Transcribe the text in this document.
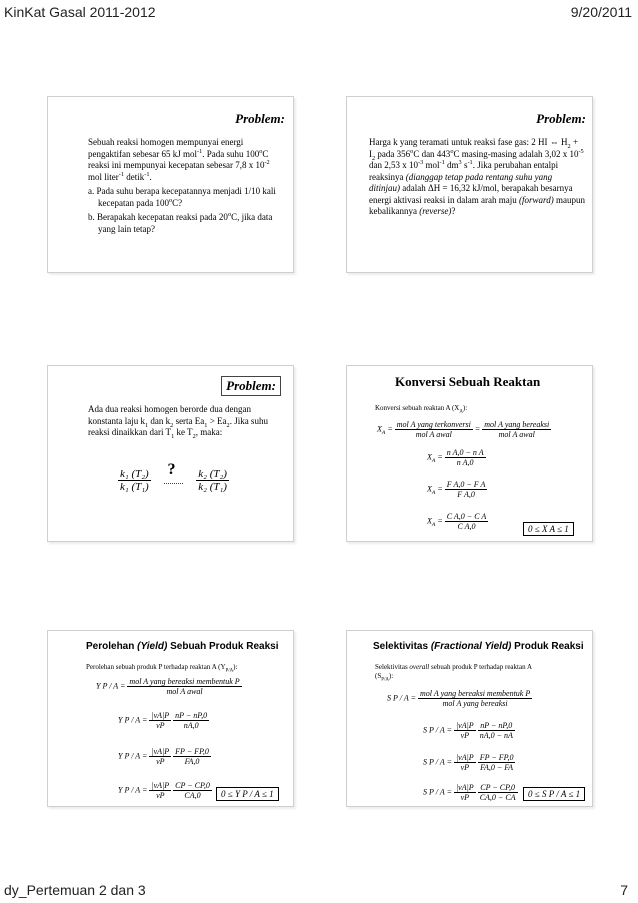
KinKat Gasal 2011-2012	9/20/2011
dy_Pertemuan 2 dan 3	7
Problem:
Sebuah reaksi homogen mempunyai energi pengaktifan sebesar 65 kJ mol$^{-1}$. Pada suhu 100$^o$C reaksi ini mempunyai kecepatan sebesar 7,8 x $10^{-2}$ mol liter$^{-1}$ detik$^{-1}$.
a. Pada suhu berapa kecepatannya menjadi 1/10 kali kecepatan pada 100$^o$C?
b. Berapakah kecepatan reaksi pada 20$^o$C, jika data yang lain tetap?
Problem:
Harga k yang teramati untuk reaksi fase gas: 2 HI ⇔ $H_2 + I_2$ pada 356$^o$C dan 443$^o$C masing-masing adalah 3,02 x $10^{-5}$ dan 2,53 x $10^{-3}$ mol$^{-1}$ $dm^3$ $s^{-1}$. Jika perubahan entalpi reaksinya (dianggap tetap pada rentang suhu yang ditinjau) adalah ΔH = 16,32 kJ/mol, berapakah besarnya energi aktivasi reaksi in dalam arah maju (forward) maupun kebalikannya (reverse)?
Problem:
Ada dua reaksi homogen berorde dua dengan konstanta laju $k_1$ dan $k_2$ serta $Ea_1 > Ea_2$. Jika suhu reaksi dinaikkan dari $T_1$ ke $T_2$, maka:
$\frac{\text{k₁ (T₂)}}{\text{k₁ (T₁)}}$
?
.......... $\frac{\text{k₂ (T₂)}}{\text{k₂ (T₁)}}$
Konversi Sebuah Reaktan
Konversi sebuah reaktan A $(X_A)$:
$X_A = \frac{\text{mol A yang terkonversi}}{\text{mol A awal}} = \frac{\text{mol A yang bereaksi}}{\text{mol A awal}}$
$X_A = \frac{\text{n A,0 − n A}}{\text{n A,0}}$
$X_A = \frac{\text{F A,0 − F A}}{\text{F A,0}}$
$X_A = \frac{\text{C A,0 − C A}}{\text{C A,0}}$	0 ≤ X A ≤ 1
Perolehan (Yield) Sebuah Produk Reaksi
Perolehan sebuah produk P terhadap reaktan A $(Y_{P/A})$:
Y $P / A = \frac{\text{mol A yang bereaksi membentuk P}}{\text{mol A awal}}$
Y $P / A = \frac{|\nu A|P}{\nu P}$
$\frac{nP - nP,0}{nA,0}$
Y $P / A = \frac{|\nu A|P}{\nu P}$
$\frac{FP - FP,0}{FA,0}$
Y $P / A = \frac{|\nu A|P}{\nu P}$
$\frac{CP - CP,0}{CA,0}$	0 ≤ Y P / A ≤ 1
Selektivitas (Fractional Yield) Produk Reaksi
Selektivitas overall sebuah produk P terhadap reaktan A $(S_{P/A})$:
S $P / A = \frac{\text{mol A yang bereaksi membentuk P}}{\text{mol A yang bereaksi}}$
S $P / A = \frac{|\nu A|P}{\nu P}$
$\frac{nP - nP,0}{nA,0 - nA}$
S $P / A = \frac{|\nu A|P}{\nu P}$
$\frac{FP - FP,0}{FA,0 - FA}$
S $P / A = \frac{|\nu A|P}{\nu P}$
$\frac{CP - CP,0}{CA,0 - CA}$	0 ≤ S P / A ≤ 1
